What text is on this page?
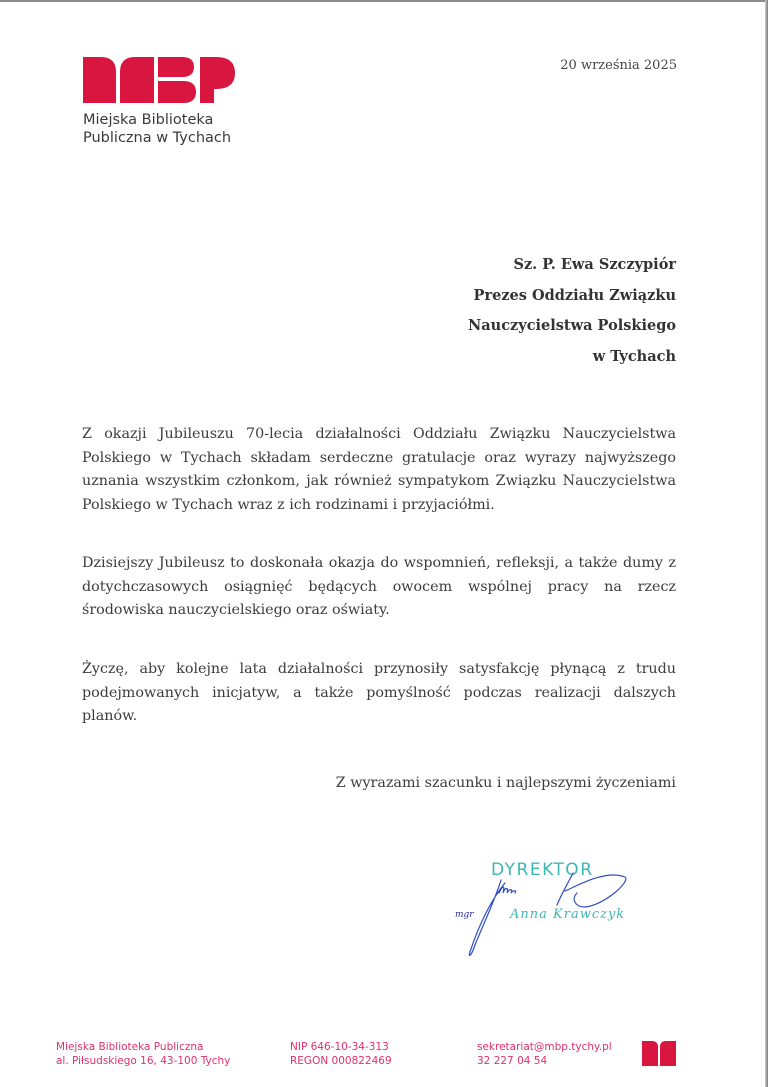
Miejska Biblioteka
Publiczna w Tychach
20 września 2025
Sz. P. Ewa Szczypiór
Prezes Oddziału Związku
Nauczycielstwa Polskiego
w Tychach
Z okazji Jubileuszu 70-lecia działalności Oddziału Związku Nauczycielstwa Polskiego w Tychach składam serdeczne gratulacje oraz wyrazy najwyższego uznania wszystkim członkom, jak również sympatykom Związku Nauczycielstwa Polskiego w Tychach wraz z ich rodzinami i przyjaciółmi.
Dzisiejszy Jubileusz to doskonała okazja do wspomnień, refleksji, a także dumy z dotychczasowych osiągnięć będących owocem wspólnej pracy na rzecz środowiska nauczycielskiego oraz oświaty.
Życzę, aby kolejne lata działalności przynosiły satysfakcję płynącą z trudu podejmowanych inicjatyw, a także pomyślność podczas realizacji dalszych planów.
Z wyrazami szacunku i najlepszymi życzeniami
DYREKTOR
mgr	Anna Krawczyk
Miejska Biblioteka Publiczna
al. Piłsudskiego 16, 43-100 Tychy
NIP 646-10-34-313
REGON 000822469
sekretariat@mbp.tychy.pl
32 227 04 54
